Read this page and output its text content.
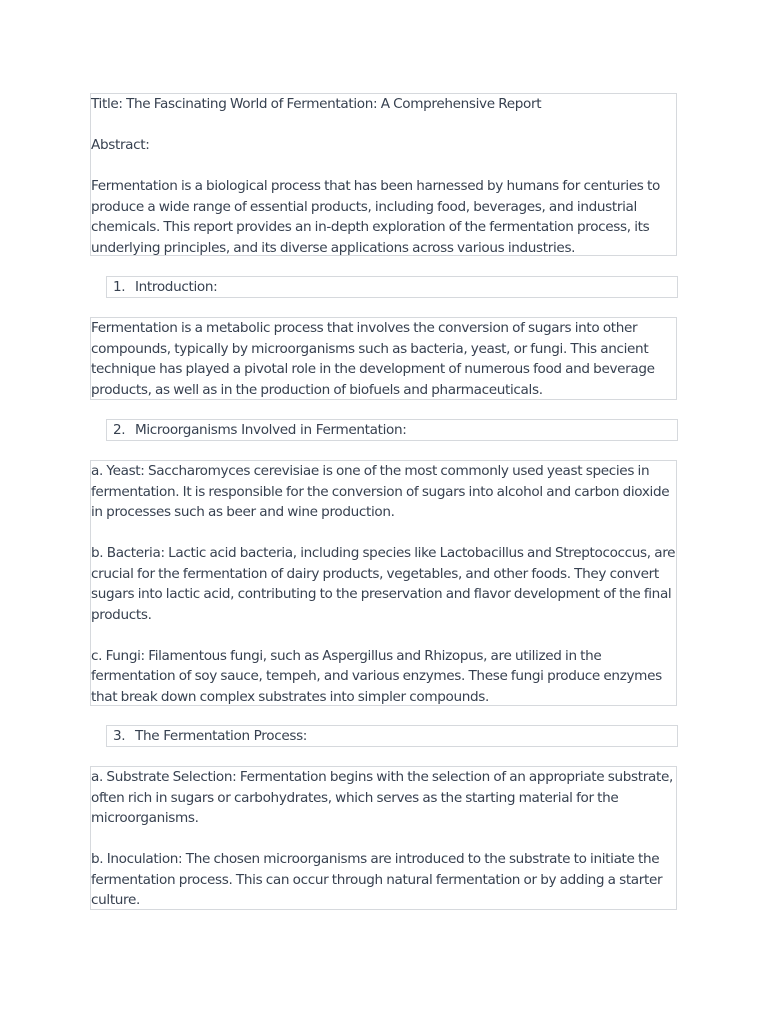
Title: The Fascinating World of Fermentation: A Comprehensive Report

Abstract:

Fermentation is a biological process that has been harnessed by humans for centuries to produce a wide range of essential products, including food, beverages, and industrial chemicals. This report provides an in-depth exploration of the fermentation process, its underlying principles, and its diverse applications across various industries.

1. Introduction:

Fermentation is a metabolic process that involves the conversion of sugars into other compounds, typically by microorganisms such as bacteria, yeast, or fungi. This ancient technique has played a pivotal role in the development of numerous food and beverage products, as well as in the production of biofuels and pharmaceuticals.

2. Microorganisms Involved in Fermentation:

a. Yeast: Saccharomyces cerevisiae is one of the most commonly used yeast species in fermentation. It is responsible for the conversion of sugars into alcohol and carbon dioxide in processes such as beer and wine production.

b. Bacteria: Lactic acid bacteria, including species like Lactobacillus and Streptococcus, are crucial for the fermentation of dairy products, vegetables, and other foods. They convert sugars into lactic acid, contributing to the preservation and flavor development of the final products.

c. Fungi: Filamentous fungi, such as Aspergillus and Rhizopus, are utilized in the fermentation of soy sauce, tempeh, and various enzymes. These fungi produce enzymes that break down complex substrates into simpler compounds.

3. The Fermentation Process:

a. Substrate Selection: Fermentation begins with the selection of an appropriate substrate, often rich in sugars or carbohydrates, which serves as the starting material for the microorganisms.

b. Inoculation: The chosen microorganisms are introduced to the substrate to initiate the fermentation process. This can occur through natural fermentation or by adding a starter culture.
